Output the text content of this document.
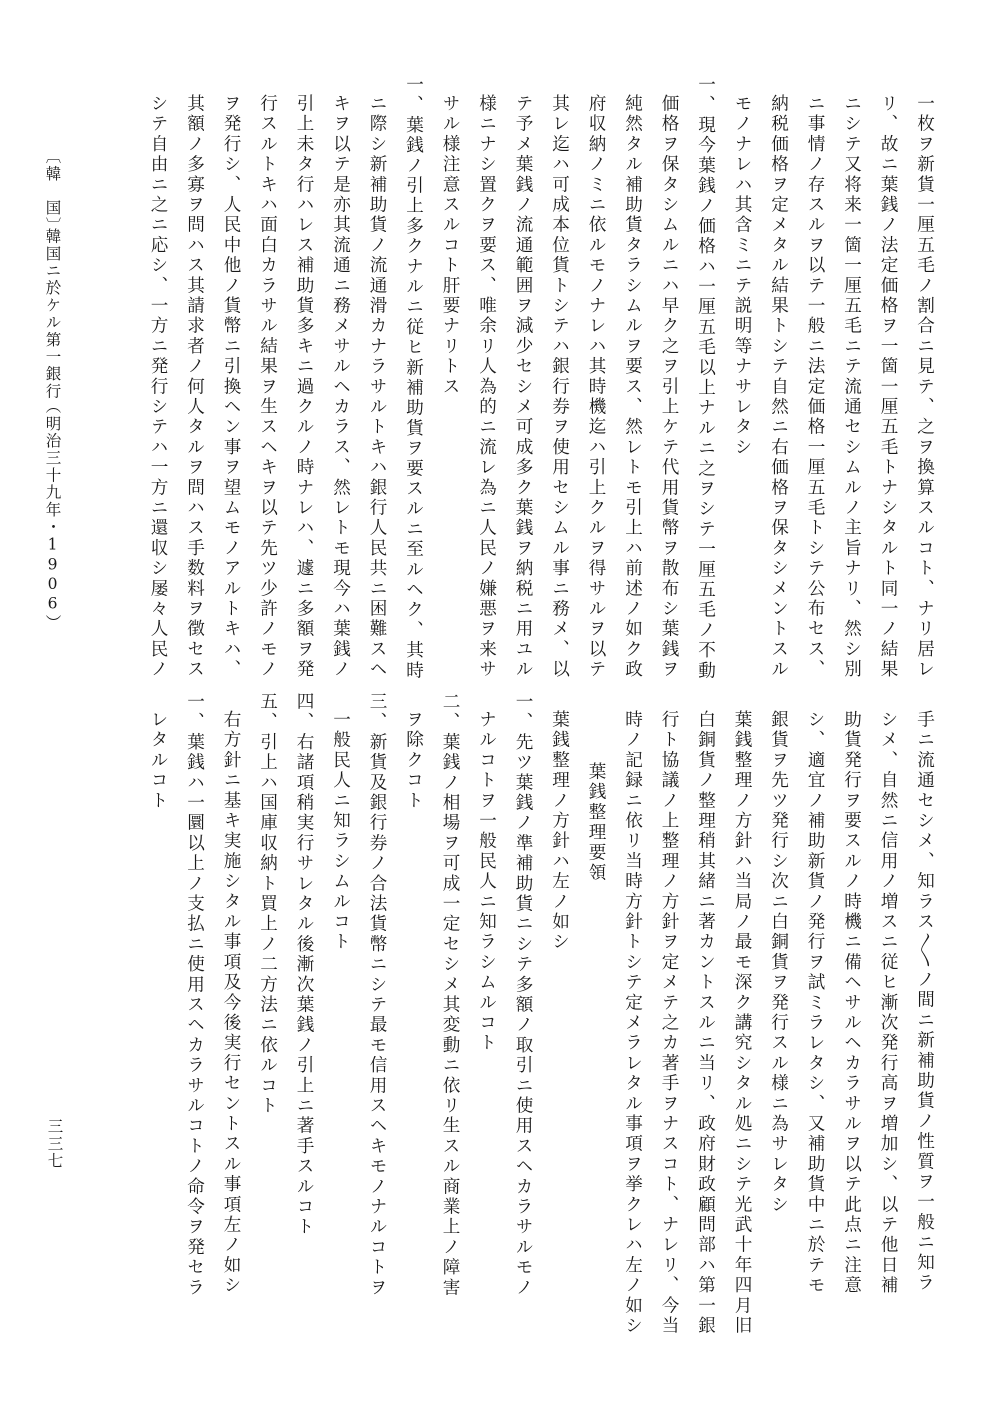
一枚ヲ新貨一厘五毛ノ割合ニ見テ、之ヲ換算スルコト、ナリ居レ
リ、故ニ葉銭ノ法定価格ヲ一箇一厘五毛トナシタルト同一ノ結果
ニシテ又将来一箇一厘五毛ニテ流通セシムルノ主旨ナリ、然シ別
ニ事情ノ存スルヲ以テ一般ニ法定価格一厘五毛トシテ公布セス、
納税価格ヲ定メタル結果トシテ自然ニ右価格ヲ保タシメントスル
モノナレハ其含ミニテ説明等ナサレタシ
一、現今葉銭ノ価格ハ一厘五毛以上ナルニ之ヲシテ一厘五毛ノ不動
価格ヲ保タシムルニハ早ク之ヲ引上ケテ代用貨幣ヲ散布シ葉銭ヲ
純然タル補助貨タラシムルヲ要ス、然レトモ引上ハ前述ノ如ク政
府収納ノミニ依ルモノナレハ其時機迄ハ引上クルヲ得サルヲ以テ
其レ迄ハ可成本位貨トシテハ銀行券ヲ使用セシムル事ニ務メ、以
テ予メ葉銭ノ流通範囲ヲ減少セシメ可成多ク葉銭ヲ納税ニ用ユル
様ニナシ置クヲ要ス、唯余リ人為的ニ流レ為ニ人民ノ嫌悪ヲ来サ
サル様注意スルコト肝要ナリトス
一、葉銭ノ引上多クナルニ従ヒ新補助貨ヲ要スルニ至ルヘク、其時
ニ際シ新補助貨ノ流通滑カナラサルトキハ銀行人民共ニ困難スヘ
キヲ以テ是亦其流通ニ務メサルヘカラス、然レトモ現今ハ葉銭ノ
引上未タ行ハレス補助貨多キニ過クルノ時ナレハ、遽ニ多額ヲ発
行スルトキハ面白カラサル結果ヲ生スヘキヲ以テ先ツ少許ノモノ
ヲ発行シ、人民中他ノ貨幣ニ引換ヘン事ヲ望ムモノアルトキハ、
其額ノ多寡ヲ問ハス其請求者ノ何人タルヲ問ハス手数料ヲ徴セス
シテ自由ニ之ニ応シ、一方ニ発行シテハ一方ニ還収シ屡々人民ノ
手ニ流通セシメ、知ラス〳〵ノ間ニ新補助貨ノ性質ヲ一般ニ知ラ
シメ、自然ニ信用ノ増スニ従ヒ漸次発行高ヲ増加シ、以テ他日補
助貨発行ヲ要スルノ時機ニ備ヘサルヘカラサルヲ以テ此点ニ注意
シ、適宜ノ補助新貨ノ発行ヲ試ミラレタシ、又補助貨中ニ於テモ
銀貨ヲ先ツ発行シ次ニ白銅貨ヲ発行スル様ニ為サレタシ
葉銭整理ノ方針ハ当局ノ最モ深ク講究シタル処ニシテ光武十年四月旧
白銅貨ノ整理稍其緒ニ著カントスルニ当リ、政府財政顧問部ハ第一銀
行ト協議ノ上整理ノ方針ヲ定メテ之カ著手ヲナスコト、ナレリ、今当
時ノ記録ニ依リ当時方針トシテ定メラレタル事項ヲ挙クレハ左ノ如シ
葉銭整理ノ方針ハ左ノ如シ
一、先ツ葉銭ノ準補助貨ニシテ多額ノ取引ニ使用スヘカラサルモノ
ナルコトヲ一般民人ニ知ラシムルコト
二、葉銭ノ相場ヲ可成一定セシメ其変動ニ依リ生スル商業上ノ障害
ヲ除クコト
三、新貨及銀行券ノ合法貨幣ニシテ最モ信用スヘキモノナルコトヲ
一般民人ニ知ラシムルコト
四、右諸項稍実行サレタル後漸次葉銭ノ引上ニ著手スルコト
五、引上ハ国庫収納ト買上ノ二方法ニ依ルコト
右方針ニ基キ実施シタル事項及今後実行セントスル事項左ノ如シ
一、葉銭ハ一圜以上ノ支払ニ使用スヘカラサルコトノ命令ヲ発セラ
レタルコト
葉銭整理要領
〔韓　国〕
韓国ニ於ケル第一銀行
（明治三十九年・1906）
三三七
